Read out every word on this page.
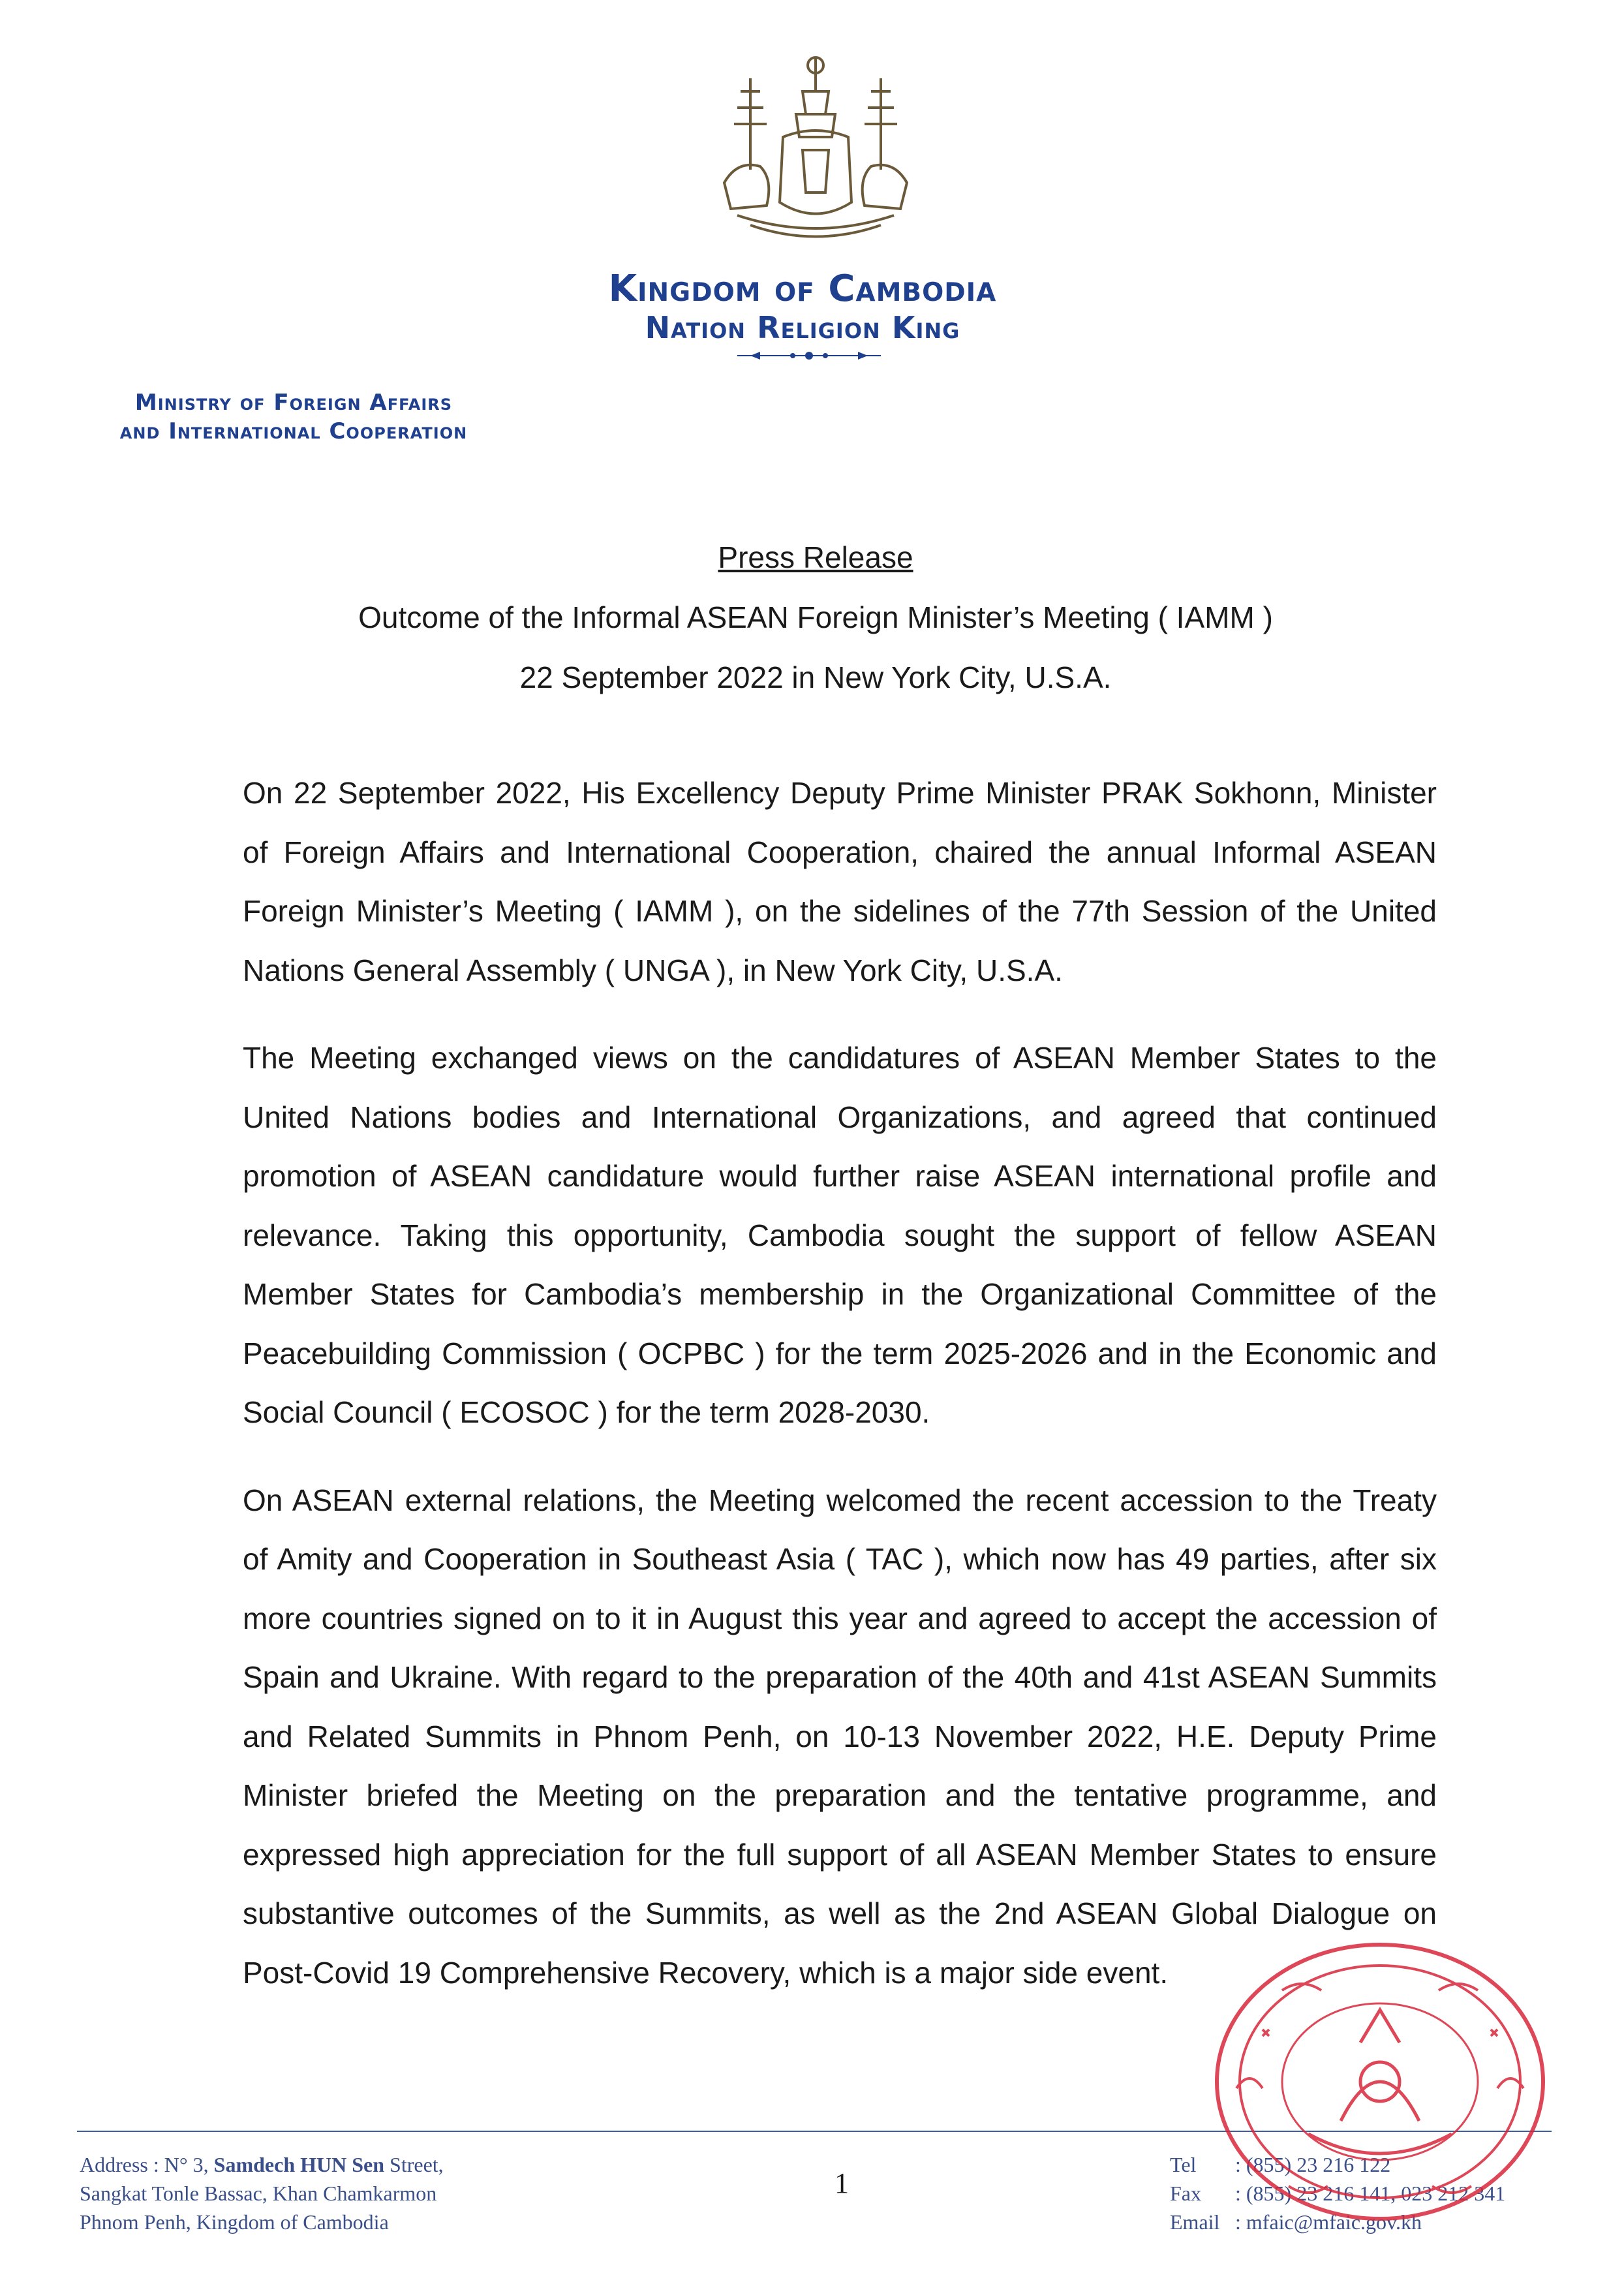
Kingdom of Cambodia
Nation Religion King
Ministry of Foreign Affairs
and International Cooperation
Press Release
Outcome of the Informal ASEAN Foreign Minister’s Meeting ( IAMM )
22 September 2022 in New York City, U.S.A.

On 22 September 2022, His Excellency Deputy Prime Minister PRAK Sokhonn, Minister of Foreign Affairs and International Cooperation, chaired the annual Informal ASEAN Foreign Minister’s Meeting ( IAMM ), on the sidelines of the 77th Session of the United Nations General Assembly ( UNGA ), in New York City, U.S.A.

The Meeting exchanged views on the candidatures of ASEAN Member States to the United Nations bodies and International Organizations, and agreed that continued promotion of ASEAN candidature would further raise ASEAN international profile and relevance. Taking this opportunity, Cambodia sought the support of fellow ASEAN Member States for Cambodia’s membership in the Organizational Committee of the Peacebuilding Commission ( OCPBC ) for the term 2025-2026 and in the Economic and Social Council ( ECOSOC ) for the term 2028-2030.

On ASEAN external relations, the Meeting welcomed the recent accession to the Treaty of Amity and Cooperation in Southeast Asia ( TAC ), which now has 49 parties, after six more countries signed on to it in August this year and agreed to accept the accession of Spain and Ukraine. With regard to the preparation of the 40th and 41st ASEAN Summits and Related Summits in Phnom Penh, on 10-13 November 2022, H.E. Deputy Prime Minister briefed the Meeting on the preparation and the tentative programme, and expressed high appreciation for the full support of all ASEAN Member States to ensure substantive outcomes of the Summits, as well as the 2nd ASEAN Global Dialogue on Post-Covid 19 Comprehensive Recovery, which is a major side event.

Address : N° 3, Samdech HUN Sen Street,
Sangkat Tonle Bassac, Khan Chamkarmon
Phnom Penh, Kingdom of Cambodia
1
Tel : (855) 23 216 122
Fax : (855) 23 216 141, 023 212 341
Email : mfaic@mfaic.gov.kh
